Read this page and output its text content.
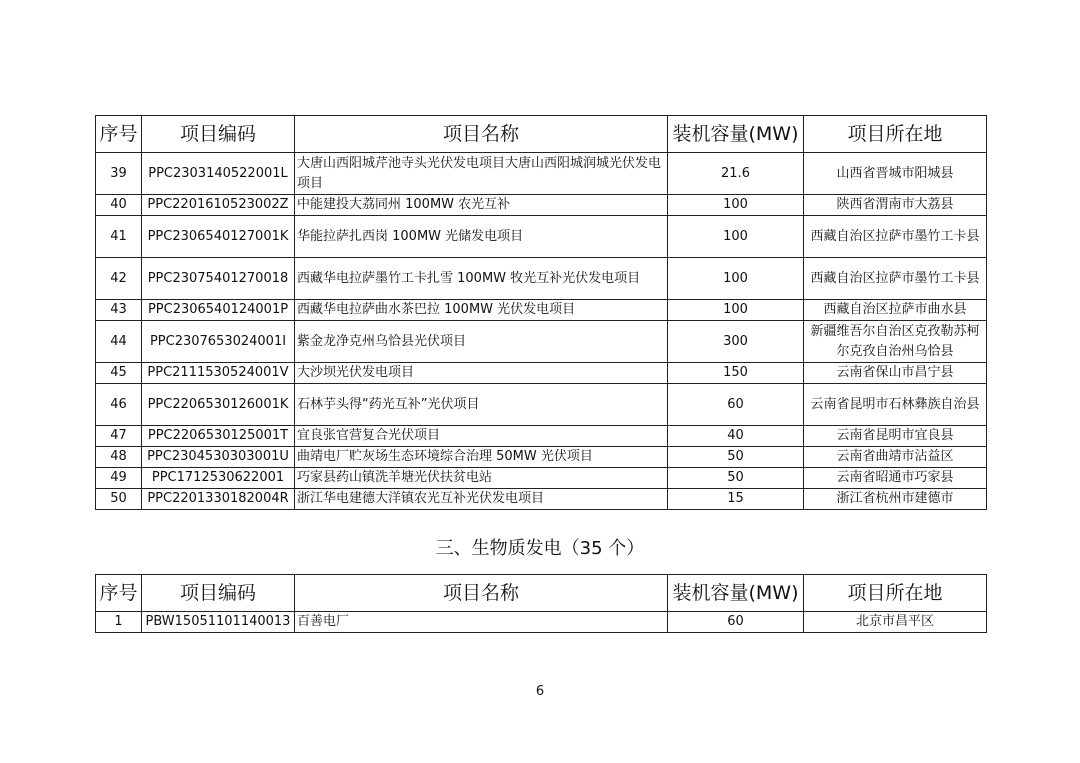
序号	项目编码	项目名称	装机容量(MW)	项目所在地
39	PPC2303140522001L	大唐山西阳城芹池寺头光伏发电项目大唐山西阳城润城光伏发电项目	21.6	山西省晋城市阳城县
40	PPC2201610523002Z	中能建投大荔同州 100MW 农光互补	100	陕西省渭南市大荔县
41	PPC2306540127001K	华能拉萨扎西岗 100MW 光储发电项目	100	西藏自治区拉萨市墨竹工卡县
42	PPC23075401270018	西藏华电拉萨墨竹工卡扎雪 100MW 牧光互补光伏发电项目	100	西藏自治区拉萨市墨竹工卡县
43	PPC2306540124001P	西藏华电拉萨曲水茶巴拉 100MW 光伏发电项目	100	西藏自治区拉萨市曲水县
44	PPC2307653024001I	紫金龙净克州乌恰县光伏项目	300	新疆维吾尔自治区克孜勒苏柯尔克孜自治州乌恰县
45	PPC2111530524001V	大沙坝光伏发电项目	150	云南省保山市昌宁县
46	PPC2206530126001K	石林芋头得“药光互补”光伏项目	60	云南省昆明市石林彝族自治县
47	PPC2206530125001T	宜良张官营复合光伏项目	40	云南省昆明市宜良县
48	PPC2304530303001U	曲靖电厂贮灰场生态环境综合治理 50MW 光伏项目	50	云南省曲靖市沾益区
49	PPC1712530622001	巧家县药山镇洗羊塘光伏扶贫电站	50	云南省昭通市巧家县
50	PPC2201330182004R	浙江华电建德大洋镇农光互补光伏发电项目	15	浙江省杭州市建德市
三、生物质发电（35 个）
序号	项目编码	项目名称	装机容量(MW)	项目所在地
1	PBW15051101140013	百善电厂	60	北京市昌平区
6
